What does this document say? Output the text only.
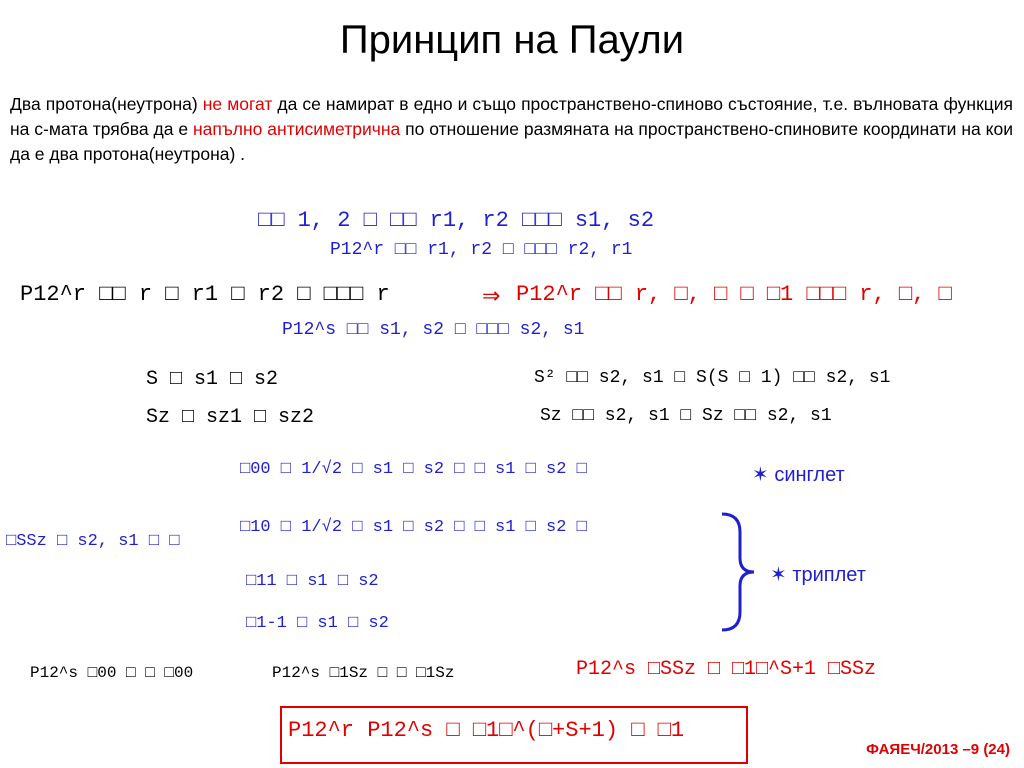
Принцип на Паули
Два протона(неутрона) не могат да се намират в едно и също пространствено-спиново състояние, т.е. вълновата функция на с-мата трябва да е напълно антисиметрична по отношение размяната на пространствено-спиновите координати на кои да е два протона(неутрона) .
□□ 1, 2 □ □□ r1, r2 □□□ s1, s2
P12^r □□ r1, r2 □ □□□ r2, r1
P12^r □□ r □ r1 □ r2 □ □□□ r	⇒ P12^r □□ r, □, □ □ □1 □□□ r, □, □
P12^s □□ s1, s2 □ □□□ s2, s1
S □ s1 □ s2	S² □□ s2, s1 □ S(S □ 1) □□ s2, s1
Sz □ sz1 □ sz2	Sz □□ s2, s1 □ Sz □□ s2, s1
□00 □ 1/√2 □ s1 □ s2 □ □ s1 □ s2 □	✶ синглет
□SSz □ s2, s1 □ □
□10 □ 1/√2 □ s1 □ s2 □ □ s1 □ s2 □
□11 □ s1 □ s2
□1-1 □ s1 □ s2
✶ триплет
P12^s □00 □ □ □00	P12^s □1Sz □ □ □1Sz	P12^s □SSz □ □1□^S+1 □SSz
P12^r P12^s □ □1□^(□+S+1) □ □1
ФАЯЕЧ/2013 –9 (24)
